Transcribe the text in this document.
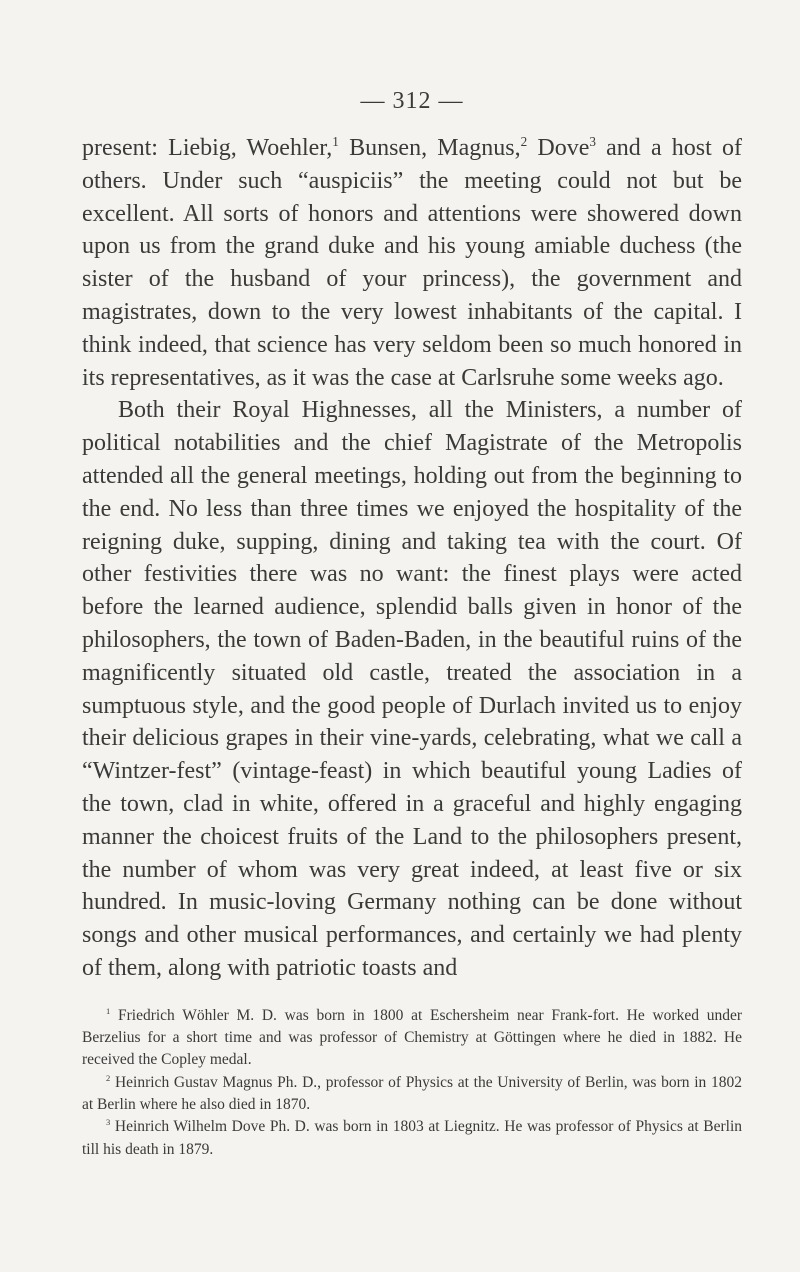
— 312 —

present: Liebig, Woehler,$^1$ Bunsen, Magnus,$^2$ Dove$^3$ and a host of others. Under such “auspiciis” the meeting could not but be excellent. All sorts of honors and attentions were showered down upon us from the grand duke and his young amiable duchess (the sister of the husband of your princess), the government and magistrates, down to the very lowest inhabitants of the capital. I think indeed, that science has very seldom been so much honored in its representatives, as it was the case at Carlsruhe some weeks ago.

Both their Royal Highnesses, all the Ministers, a number of political notabilities and the chief Magistrate of the Metropolis attended all the general meetings, holding out from the beginning to the end. No less than three times we enjoyed the hospitality of the reigning duke, supping, dining and taking tea with the court. Of other festivities there was no want: the finest plays were acted before the learned audience, splendid balls given in honor of the philosophers, the town of Baden-Baden, in the beautiful ruins of the magnificently situated old castle, treated the association in a sumptuous style, and the good people of Durlach invited us to enjoy their delicious grapes in their vine-yards, celebrating, what we call a “Wintzer-fest” (vintage-feast) in which beautiful young Ladies of the town, clad in white, offered in a graceful and highly engaging manner the choicest fruits of the Land to the philosophers present, the number of whom was very great indeed, at least five or six hundred. In music-loving Germany nothing can be done without songs and other musical performances, and certainly we had plenty of them, along with patriotic toasts and

$^1$ Friedrich Wöhler M. D. was born in 1800 at Eschersheim near Frank-fort. He worked under Berzelius for a short time and was professor of Chemistry at Göttingen where he died in 1882. He received the Copley medal.

$^2$ Heinrich Gustav Magnus Ph. D., professor of Physics at the University of Berlin, was born in 1802 at Berlin where he also died in 1870.

$^3$ Heinrich Wilhelm Dove Ph. D. was born in 1803 at Liegnitz. He was professor of Physics at Berlin till his death in 1879.
